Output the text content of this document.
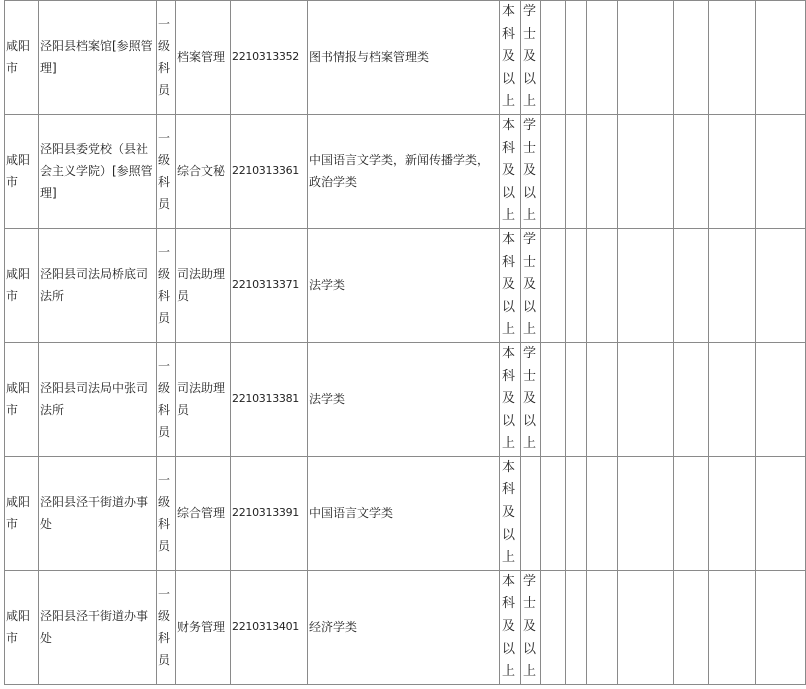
咸阳市	泾阳县档案馆[参照管理]	一级科员	档案管理	2210313352	图书情报与档案管理类	本科及以上	学士及以上							
咸阳市	泾阳县委党校（县社会主义学院）[参照管理]	一级科员	综合文秘	2210313361	中国语言文学类，新闻传播学类，政治学类	本科及以上	学士及以上							
咸阳市	泾阳县司法局桥底司法所	一级科员	司法助理员	2210313371	法学类	本科及以上	学士及以上							
咸阳市	泾阳县司法局中张司法所	一级科员	司法助理员	2210313381	法学类	本科及以上	学士及以上							
咸阳市	泾阳县泾干街道办事处	一级科员	综合管理	2210313391	中国语言文学类	本科及以上								
咸阳市	泾阳县泾干街道办事处	一级科员	财务管理	2210313401	经济学类	本科及以上	学士及以上							
